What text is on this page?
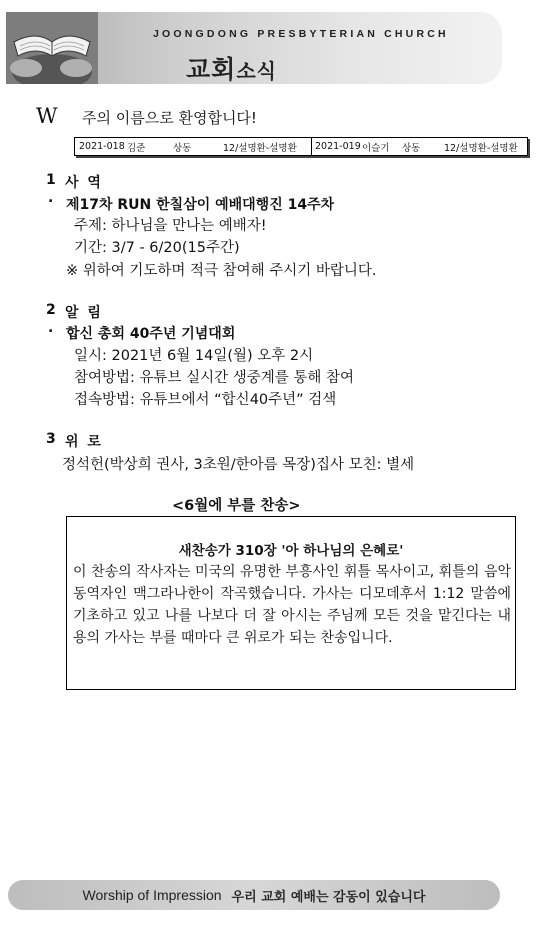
JOONGDONG PRESBYTERIAN CHURCH
교회소식
W 주의 이름으로 환영합니다!
2021-018 김준	상동	12/설명환-설명환 2021-019 이슬기 상동 12/설명환-설명환
1 사 역
. 제17차 RUN 한칠삼이 예배대행진 14주차
주제: 하나님을 만나는 예배자!
기간: 3/7 - 6/20(15주간)
※ 위하여 기도하며 적극 참여해 주시기 바랍니다.
2 알 림
. 합신 총회 40주년 기념대회
일시: 2021년 6월 14일(월) 오후 2시
참여방법: 유튜브 실시간 생중계를 통해 참여
접속방법: 유튜브에서 “합신40주년” 검색
3 위 로
정석헌(박상희 권사, 3초원/한아름 목장)집사 모친: 별세
<6월에 부를 찬송>
새찬송가 310장 '아 하나님의 은혜로'
이 찬송의 작사자는 미국의 유명한 부흥사인 휘틀 목사이고, 휘틀의 음악 동역자인 맥그라나한이 작곡했습니다. 가사는 디모데후서 1:12 말씀에 기초하고 있고 나를 나보다 더 잘 아시는 주님께 모든 것을 맡긴다는 내용의 가사는 부를 때마다 큰 위로가 되는 찬송입니다.
Worship of Impression 우리 교회 예배는 감동이 있습니다
